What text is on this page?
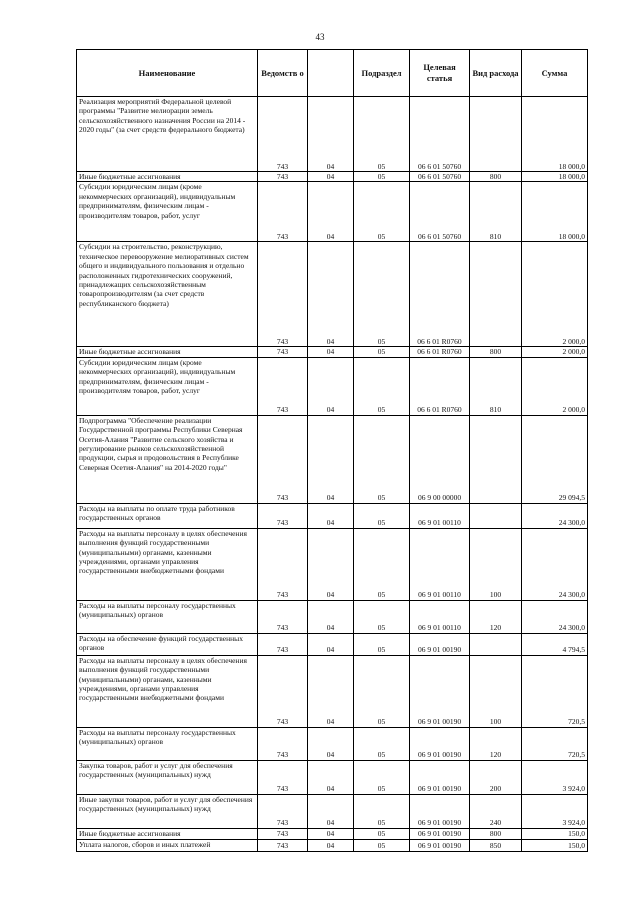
43
Наименование	Ведомств о		Подраздел	Целевая статья	Вид расхода	Сумма
Реализация мероприятий Федеральной целевой программы "Развитие мелиорации земель сельскохозяйственного назначения России на 2014 - 2020 годы" (за счет средств федерального бюджета)	743	04	05	06 6 01 50760		18 000,0
Иные бюджетные ассигнования	743	04	05	06 6 01 50760	800	18 000,0
Субсидии юридическим лицам (кроме некоммерческих организаций), индивидуальным предпринимателям, физическим лицам - производителям товаров, работ, услуг	743	04	05	06 6 01 50760	810	18 000,0
Субсидии на строительство, реконструкцию, техническое перевооружение мелиоративных систем общего и индивидуального пользования и отдельно расположенных гидротехнических сооружений, принадлежащих сельскохозяйственным товаропроизводителям (за счет средств республиканского бюджета)	743	04	05	06 6 01 R0760		2 000,0
Иные бюджетные ассигнования	743	04	05	06 6 01 R0760	800	2 000,0
Субсидии юридическим лицам (кроме некоммерческих организаций), индивидуальным предпринимателям, физическим лицам - производителям товаров, работ, услуг	743	04	05	06 6 01 R0760	810	2 000,0
Подпрограмма "Обеспечение реализации Государственной программы Республики Северная Осетия-Алания "Развитие сельского хозяйства и регулирование рынков сельскохозяйственной продукции, сырья и продовольствия в Республике Северная Осетия-Алания" на 2014-2020 годы"	743	04	05	06 9 00 00000		29 094,5
Расходы на выплаты по оплате труда работников государственных органов	743	04	05	06 9 01 00110		24 300,0
Расходы на выплаты персоналу в целях обеспечения выполнения функций государственными (муниципальными) органами, казенными учреждениями, органами управления государственными внебюджетными фондами	743	04	05	06 9 01 00110	100	24 300,0
Расходы на выплаты персоналу государственных (муниципальных) органов	743	04	05	06 9 01 00110	120	24 300,0
Расходы на обеспечение функций государственных органов	743	04	05	06 9 01 00190		4 794,5
Расходы на выплаты персоналу в целях обеспечения выполнения функций государственными (муниципальными) органами, казенными учреждениями, органами управления государственными внебюджетными фондами	743	04	05	06 9 01 00190	100	720,5
Расходы на выплаты персоналу государственных (муниципальных) органов	743	04	05	06 9 01 00190	120	720,5
Закупка товаров, работ и услуг для обеспечения государственных (муниципальных) нужд	743	04	05	06 9 01 00190	200	3 924,0
Иные закупки товаров, работ и услуг для обеспечения государственных (муниципальных) нужд	743	04	05	06 9 01 00190	240	3 924,0
Иные бюджетные ассигнования	743	04	05	06 9 01 00190	800	150,0
Уплата налогов, сборов и иных платежей	743	04	05	06 9 01 00190	850	150,0
